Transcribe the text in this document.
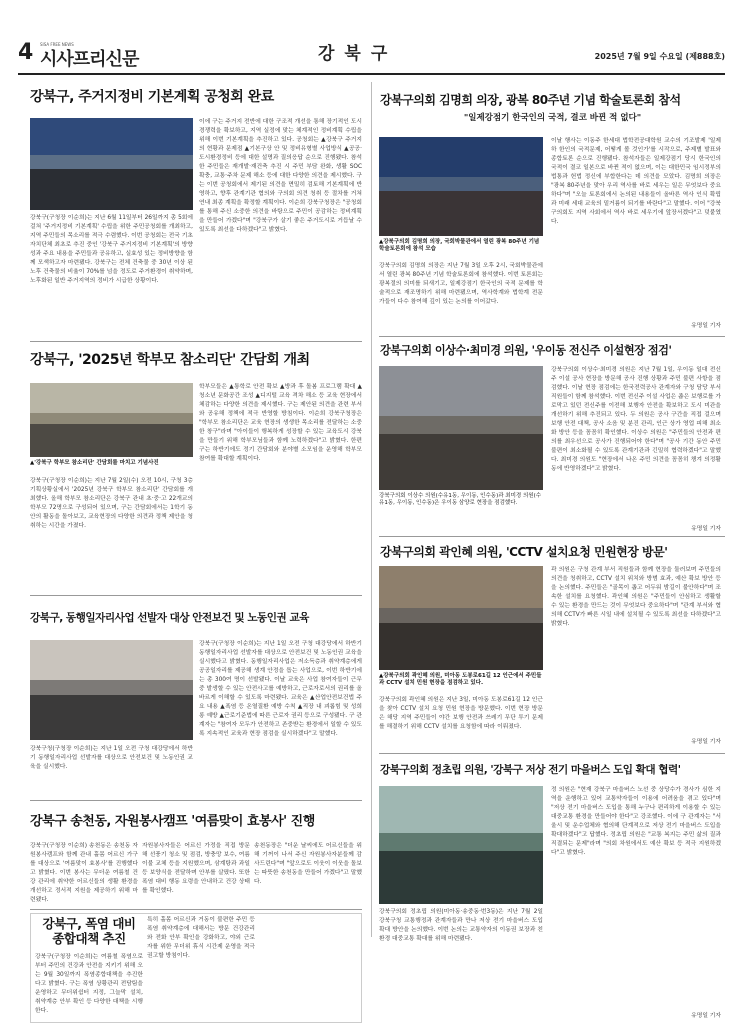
4 SISA FREE NEWS
시사프리신문	강북구	2025년 7월 9일 수요일 (제888호)
강북구, 주거지정비 기본계획 공청회 완료
강북구(구청장 이순희)는 지난 6월 11일부터 26일까지 총 5회에 걸쳐 '주거지정비 기본계획' 수립을 위한 주민공청회를 개최하고, 지역 주민들의 목소리를 적극 수렴했다. 이번 공청회는 전국 기초자치단체 최초로 추진 중인 '강북구 주거지정비 기본계획'의 방향성과 주요 내용을 주민들과 공유하고, 실효성 있는 정비방향을 함께 모색하고자 마련됐다. 강북구는 전체 건축물 중 30년 이상 된 노후 건축물의 비율이 70%를 넘을 정도로 주거환경이 취약하며, 노후화된 일반 주거지역의 정비가 시급한 상황이다.
이에 구는 주거지 전반에 대한 구조적 개선을 통해 장기적인 도시 경쟁력을 확보하고, 지역 실정에 맞는 체계적인 정비계획 수립을 위해 이번 기본계획을 추진하고 있다. 공청회는 ▲강북구 주거지의 현황과 문제점 ▲기본구상 안 및 정비유형별 사업방식 ▲공공·도시환경정비 등에 대한 설명과 질의응답 순으로 진행됐다. 참석한 주민들은 재개발·재건축 추진 시 주민 부담 완화, 생활 SOC 확충, 교통·주차 문제 해소 등에 대한 다양한 의견을 제시했다. 구는 이번 공청회에서 제기된 의견을 면밀히 검토해 기본계획에 반영하고, 향후 관계기관 협의와 구의회 의견 청취 등 절차를 거쳐 연내 최종 계획을 확정할 계획이다. 이순희 강북구청장은 "공청회를 통해 주신 소중한 의견을 바탕으로 주민이 공감하는 정비계획을 만들어 가겠다"며 "강북구가 살기 좋은 주거도시로 거듭날 수 있도록 최선을 다하겠다"고 밝혔다.
강북구의회 김명희 의장, 광복 80주년 기념 학술토론회 참석
"일제강점기 한국인의 국적, 결코 바뀐 적 없다"
▲강북구의회 김명희 의장, 국회박물관에서 열린 광복 80주년 기념 학술토론회에 참석 모습
강북구의회 김명희 의장은 지난 7월 3일 오후 2시, 국회박물관에서 열린 광복 80주년 기념 학술토론회에 참석했다. 이번 토론회는 광복절의 의미를 되새기고, 일제강점기 한국인의 국적 문제를 학술적으로 재조명하기 위해 마련됐으며, 역사학계와 법학계 전문가들이 다수 참여해 깊이 있는 논의를 이어갔다.
이날 행사는 이동주 한세대 법학전공대학원 교수의 기조발제 '일제하 한인의 국적문제, 어떻게 볼 것인가'를 시작으로, 주제별 발표와 종합토론 순으로 진행됐다. 참석자들은 일제강점기 당시 한국인의 국적이 결코 일본으로 바뀐 적이 없으며, 이는 대한민국 임시정부의 법통과 헌법 정신에 부합한다는 데 의견을 모았다. 김명희 의장은 "광복 80주년을 맞아 우리 역사를 바로 세우는 일은 무엇보다 중요하다"며 "오늘 토론회에서 논의된 내용들이 올바른 역사 인식 확립과 미래 세대 교육의 밑거름이 되기를 바란다"고 말했다. 이어 "강북구의회도 지역 사회에서 역사 바로 세우기에 앞장서겠다"고 덧붙였다.
유명일 기자
강북구, '2025년 학부모 참소리단' 간담회 개최
▲'강북구 학부모 참소리단' 간담회를 마치고 기념사진
강북구(구청장 이순희)는 지난 7월 2일(수) 오전 10시, 구청 3층 기획상황실에서 '2025년 강북구 학부모 참소리단' 간담회를 개최했다. 올해 학부모 참소리단은 강북구 관내 초·중·고 22개교의 학부모 72명으로 구성되어 있으며, 구는 간담회에서는 1학기 동안의 활동을 돌아보고, 교육현장의 다양한 의견과 정책 제안을 청취하는 시간을 가졌다.
학부모들은 ▲통학로 안전 확보 ▲방과 후 돌봄 프로그램 확대 ▲청소년 문화공간 조성 ▲디지털 교육 격차 해소 등 교육 현장에서 체감하는 다양한 의견을 제시했다. 구는 제안된 의견을 관련 부서와 공유해 정책에 적극 반영할 방침이다. 이순희 강북구청장은 "학부모 참소리단은 교육 현장의 생생한 목소리를 전달하는 소중한 창구"라며 "아이들이 행복하게 성장할 수 있는 교육도시 강북을 만들기 위해 학부모님들과 함께 노력하겠다"고 밝혔다. 한편 구는 하반기에도 정기 간담회와 분야별 소모임을 운영해 학부모 참여를 확대할 계획이다.
강북구의회 이상수·최미경 의원, '우이동 전신주 이설현장 점검'
강북구의회 이상수 의원(수유1동, 우이동, 인수동)과 최미경 의원(수유1동, 우이동, 인수동)은 우이동 삼양로 현장을 점검했다.
강북구의회 이상수·최미경 의원은 지난 7월 1일, 우이동 일대 전신주 이설 공사 현장을 방문해 공사 진행 상황과 주민 불편 사항을 점검했다. 이날 현장 점검에는 한국전력공사 관계자와 구청 담당 부서 직원들이 함께 참석했다. 이번 전신주 이설 사업은 좁은 보행로를 가로막고 있던 전신주를 이전해 보행자 안전을 확보하고 도시 미관을 개선하기 위해 추진되고 있다. 두 의원은 공사 구간을 직접 걸으며 보행 안전 대책, 공사 소음 및 분진 관리, 인근 상가 영업 피해 최소화 방안 등을 꼼꼼히 확인했다. 이상수 의원은 "주민들의 안전과 편의를 최우선으로 공사가 진행되어야 한다"며 "공사 기간 동안 주민 불편이 최소화될 수 있도록 관계기관과 긴밀히 협력하겠다"고 말했다. 최미경 의원도 "현장에서 나온 주민 의견을 꼼꼼히 챙겨 의정활동에 반영하겠다"고 밝혔다.
유명일 기자
강북구, 동행일자리사업 선발자 대상 안전보건 및 노동인권 교육
강북구청(구청장 이순희)는 지난 1일 오전 구청 대강당에서 하반기 동행일자리사업 선발자를 대상으로 안전보건 및 노동인권 교육을 실시했다.
강북구(구청장 이순희)는 지난 1일 오전 구청 대강당에서 하반기 동행일자리사업 선발자를 대상으로 안전보건 및 노동인권 교육을 실시했다고 밝혔다. 동행일자리사업은 저소득층과 취약계층에게 공공일자리를 제공해 생계 안정을 돕는 사업으로, 이번 하반기에는 총 300여 명이 선발됐다. 이날 교육은 사업 참여자들이 근무 중 발생할 수 있는 안전사고를 예방하고, 근로자로서의 권리를 올바르게 이해할 수 있도록 마련됐다. 교육은 ▲산업안전보건법 주요 내용 ▲폭염 등 온열질환 예방 수칙 ▲직장 내 괴롭힘 및 성희롱 예방 ▲근로기준법에 따른 근로자 권리 등으로 구성됐다. 구 관계자는 "참여자 모두가 안전하고 존중받는 환경에서 일할 수 있도록 지속적인 교육과 현장 점검을 실시하겠다"고 말했다.
강북구의회 곽인혜 의원, 'CCTV 설치요청 민원현장 방문'
▲강북구의회 곽인혜 의원, 미아동 도봉로61길 12 인근에서 주민들과 CCTV 설치 민원 현장을 점검하고 있다.
강북구의회 곽인혜 의원은 지난 3일, 미아동 도봉로61길 12 인근을 찾아 CCTV 설치 요청 민원 현장을 방문했다. 이번 현장 방문은 해당 지역 주민들이 야간 보행 안전과 쓰레기 무단 투기 문제를 해결하기 위해 CCTV 설치를 요청함에 따라 이뤄졌다.
곽 의원은 구청 관계 부서 직원들과 함께 현장을 둘러보며 주민들의 의견을 청취하고, CCTV 설치 위치와 방범 효과, 예산 확보 방안 등을 논의했다. 주민들은 "골목이 좁고 어두워 밤길이 불안하다"며 조속한 설치를 요청했다. 곽인혜 의원은 "주민들이 안심하고 생활할 수 있는 환경을 만드는 것이 무엇보다 중요하다"며 "관계 부서와 협의해 CCTV가 빠른 시일 내에 설치될 수 있도록 최선을 다하겠다"고 밝혔다.
유명일 기자
강북구 송천동, 자원봉사캠프 '여름맞이 효봉사' 진행
강북구(구청장 이순희) 송천동은 송천동 자원봉사캠프와 함께 관내 홀몸 어르신 가구를 대상으로 '여름맞이 효봉사'를 진행했다고 밝혔다. 이번 봉사는 무더운 여름철 건강 관리에 취약한 어르신들의 생활 환경을 개선하고 정서적 지원을 제공하기 위해 마련됐다.
자원봉사자들은 어르신 가정을 직접 방문해 선풍기 청소 및 점검, 방충망 보수, 여름 이불 교체 등을 지원했으며, 삼계탕과 과일 등 보양식을 전달하며 안부를 살폈다. 또한 폭염 대비 행동 요령을 안내하고 건강 상태를 확인했다.
송천동장은 "더운 날씨에도 어르신들을 위해 기꺼이 나서 주신 자원봉사자분들께 감사드린다"며 "앞으로도 이웃이 이웃을 돌보는 따뜻한 송천동을 만들어 가겠다"고 말했다.
강북구, 폭염 대비
종합대책 추진
강북구(구청장 이순희)는 여름철 폭염으로부터 주민의 건강과 안전을 지키기 위해 오는 9월 30일까지 폭염종합대책을 추진한다고 밝혔다. 구는 폭염 상황관리 전담팀을 운영하고 무더위쉼터 지정, 그늘막 설치, 취약계층 안부 확인 등 다양한 대책을 시행한다.
특히 홀몸 어르신과 거동이 불편한 주민 등 폭염 취약계층에 대해서는 방문 건강관리와 전화 안부 확인을 강화하고, 야외 근로자를 위한 무더위 휴식 시간제 운영을 적극 권고할 방침이다.
강북구의회 정초립 의원, '강북구 저상 전기 마을버스 도입 확대 협력'
강북구의회 정초립 의원(미아동·송중동·번3동)은 지난 7월 2일 강북구청 교통행정과 관계자들과 만나 저상 전기 마을버스 도입 확대 방안을 논의했다. 이번 논의는 교통약자의 이동권 보장과 친환경 대중교통 확대를 위해 마련됐다.
정 의원은 "현재 강북구 마을버스 노선 중 상당수가 경사가 심한 지역을 운행하고 있어 교통약자들이 이용에 어려움을 겪고 있다"며 "저상 전기 마을버스 도입을 통해 누구나 편리하게 이용할 수 있는 대중교통 환경을 만들어야 한다"고 강조했다. 이에 구 관계자는 "서울시 및 운수업체와 협의해 단계적으로 저상 전기 마을버스 도입을 확대하겠다"고 답했다. 정초립 의원은 "교통 복지는 주민 삶의 질과 직결되는 문제"라며 "의회 차원에서도 예산 확보 등 적극 지원하겠다"고 밝혔다.
유명일 기자
